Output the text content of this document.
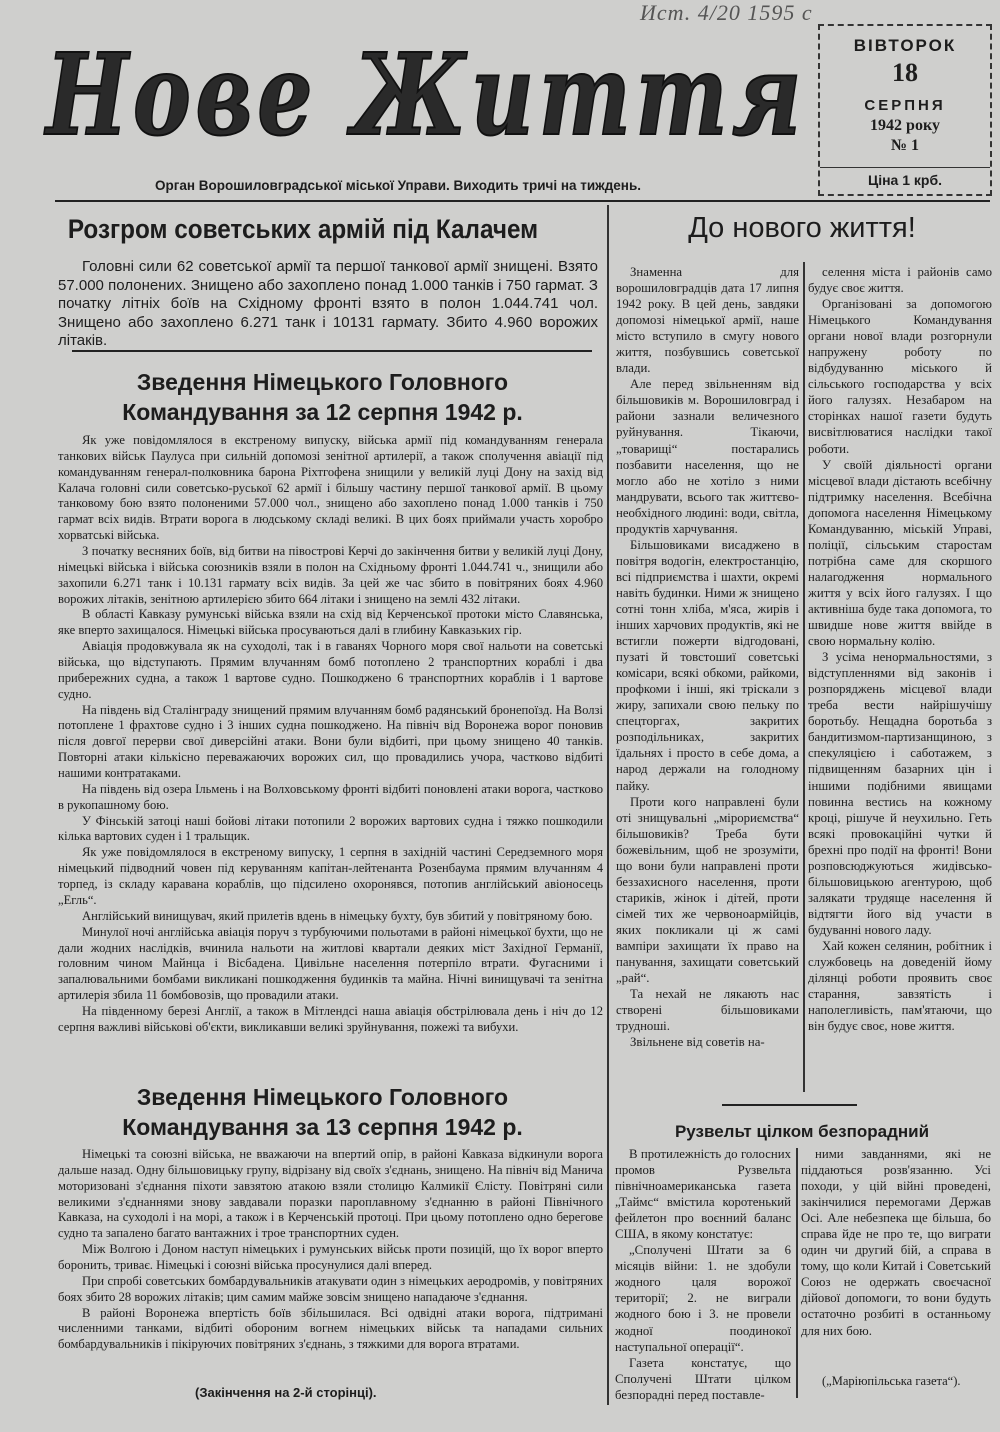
Ист. 4/20 1595 с
Нове Життя	ВІВТОРОК
18
СЕРПНЯ
1942 року
№ 1
Ціна 1 крб.
Орган Ворошиловградської міської Управи. Виходить тричі на тиждень.
Розгром советських армій під Калачем

Головні сили 62 советської армії та першої танкової армії знищені. Взято 57.000 полонених. Знищено або захоплено понад 1.000 танків і 750 гармат. З початку літніх боїв на Східному фронті взято в полон 1.044.741 чол. Знищено або захоплено 6.271 танк і 10131 гармату. Збито 4.960 ворожих літаків.

Зведення Німецького Головного
Командування за 12 серпня 1942 р.

Як уже повідомлялося в екстреному випуску, війська армії під командуванням генерала танкових військ Паулуса при сильній допомозі зенітної артилерії, а також сполучення авіації під командуванням генерал-полковника барона Ріхтгофена знищили у великій луці Дону на захід від Калача головні сили советсько-руської 62 армії і більшу частину першої танкової армії. В цьому танковому бою взято полоненими 57.000 чол., знищено або захоплено понад 1.000 танків і 750 гармат всіх видів. Втрати ворога в людському складі великі. В цих боях приймали участь хоробро хорватські війська.

З початку весняних боїв, від битви на півострові Керчі до закінчення битви у великій луці Дону, німецькі війська і війська союзників взяли в полон на Східньому фронті 1.044.741 ч., знищили або захопили 6.271 танк і 10.131 гармату всіх видів. За цей же час збито в повітряних боях 4.960 ворожих літаків, зенітною артилерією збито 664 літаки і знищено на землі 432 літаки.

В області Кавказу румунські війська взяли на схід від Керченської протоки місто Славянська, яке вперто захищалося. Німецькі війська просуваються далі в глибину Кавказьких гір.

Авіація продовжувала як на суходолі, так і в гаванях Чорного моря свої нальоти на советські війська, що відступають. Прямим влучанням бомб потоплено 2 транспортних кораблі і два прибережних судна, а також 1 вартове судно. Пошкоджено 6 транспортних кораблів і 1 вартове судно.

На південь від Сталінграду знищений прямим влучанням бомб радянський бронепоїзд. На Волзі потоплене 1 фрахтове судно і 3 інших судна пошкоджено. На північ від Воронежа ворог поновив після довгої перерви свої диверсійні атаки. Вони були відбиті, при цьому знищено 40 танків. Повторні атаки кількісно переважаючих ворожих сил, що провадились учора, частково відбиті нашими контратаками.

На південь від озера Ільмень і на Волховському фронті відбиті поновлені атаки ворога, частково в рукопашному бою.

У Фінській затоці наші бойові літаки потопили 2 ворожих вартових судна і тяжко пошкодили кілька вартових суден і 1 тральщик.

Як уже повідомлялося в екстреному випуску, 1 серпня в західній частині Середземного моря німецький підводний човен під керуванням капітан-лейтенанта Розенбаума прямим влучанням 4 торпед, із складу каравана кораблів, що підсилено охоронявся, потопив англійський авіоносець „Егль“.

Англійський винищувач, який прилетів вдень в німецьку бухту, був збитий у повітряному бою.

Минулої ночі англійська авіація поруч з турбуючими польотами в районі німецької бухти, що не дали жодних наслідків, вчинила нальоти на житлові квартали деяких міст Західної Германії, головним чином Майнца і Вісбадена. Цивільне населення потерпіло втрати. Фугасними і запалювальними бомбами викликані пошкодження будинків та майна. Нічні винищувачі та зенітна артилерія збила 11 бомбовозів, що провадили атаки.

На південному березі Англії, а також в Мітлендсі наша авіація обстрілювала день і ніч до 12 серпня важливі військові об'єкти, викликавши великі зруйнування, пожежі та вибухи.

Зведення Німецького Головного
Командування за 13 серпня 1942 р.

Німецькі та союзні війська, не вважаючи на впертий опір, в районі Кавказа відкинули ворога дальше назад. Одну більшовицьку групу, відрізану від своїх з'єднань, знищено. На північ від Манича моторизовані з'єднання піхоти завзятою атакою взяли столицю Калмикії Єлісту. Повітряні сили великими з'єднаннями знову завдавали поразки пароплавному з'єднанню в районі Північного Кавказа, на суходолі і на морі, а також і в Керченській протоці. При цьому потоплено одно берегове судно та запалено багато вантажних і трое транспортних суден.

Між Волгою і Доном наступ німецьких і румунських військ проти позицій, що їх ворог вперто боронить, триває. Німецькі і союзні війська просунулися далі вперед.

При спробі советських бомбардувальників атакувати один з німецьких аеродромів, у повітряних боях збито 28 ворожих літаків; цим самим майже зовсім знищено нападаюче з'єднання.

В районі Воронежа впертість боїв збільшилася. Всі одвідні атаки ворога, підтримані численними танками, відбиті обороним вогнем німецьких військ та нападами сильних бомбардувальників і пікіруючих повітряних з'єднань, з тяжкими для ворога втратами.

(Закінчення на 2-й сторінці).
До нового життя!

Знаменна для ворошиловградців дата 17 липня 1942 року. В цей день, завдяки допомозі німецької армії, наше місто вступило в смугу нового життя, позбувшись советської влади.

Але перед звільненням від більшовиків м. Ворошиловград і райони зазнали величезного руйнування. Тікаючи, „товарищі“ постарались позбавити населення, що не могло або не хотіло з ними мандрувати, всього так життєво-необхідного людині: води, світла, продуктів харчування.

Більшовиками висаджено в повітря водогін, електростанцію, всі підприємства і шахти, окремі навіть будинки. Ними ж знищено сотні тонн хліба, м'яса, жирів і інших харчових продуктів, які не встигли пожерти відгодовані, пузаті й товстошиї советські комісари, всякі обкоми, райкоми, профкоми і інші, які тріскали з жиру, запихали свою пельку по спецторгах, закритих розподільниках, закритих їдальнях і просто в себе дома, а народ держали на голодному пайку.

Проти кого направлені були оті знищувальні „мірориємства“ більшовиків? Треба бути божевільним, щоб не зрозуміти, що вони були направлені проти беззахисного населення, проти стариків, жінок і дітей, проти сімей тих же червоноармійців, яких покликали ці ж самі вампіри захищати їх право на панування, захищати советський „рай“.

Та нехай не лякають нас створені більшовиками трудноші.

Звільнене від советів на-

селення міста і районів само будує своє життя.

Організовані за допомогою Німецького Командування органи нової влади розгорнули напружену роботу по відбудуванню міського й сільського господарства у всіх його галузях. Незабаром на сторінках нашої газети будуть висвітлюватися наслідки такої роботи.

У своїй діяльності органи місцевої влади дістають всебічну підтримку населення. Всебічна допомога населення Німецькому Командуванню, міській Управі, поліції, сільським старостам потрібна саме для скоршого налагодження нормального життя у всіх його галузях. І що активніша буде така допомога, то швидше нове життя ввійде в свою нормальну колію.

З усіма ненормальностями, з відступленнями від законів і розпоряджень місцевої влади треба вести найрішучішу боротьбу. Нещадна боротьба з бандитизмом-партизанщиною, з спекуляцією і саботажем, з підвищенням базарних цін і іншими подібними явищами повинна вестись на кожному кроці, рішуче й неухильно. Геть всякі провокаційні чутки й брехні про події на фронті! Вони розповсюджуються жидівсько-більшовицькою агентурою, щоб залякати трудяще населення й відтягти його від участи в будуванні нового ладу.

Хай кожен селянин, робітник і службовець на доведеній йому ділянці роботи проявить своє старання, завзятість і наполегливість, пам'ятаючи, що він будує своє, нове життя.

Рузвельт цілком безпорадний

В протилежність до голосних промов Рузвельта північноамериканська газета „Таймс“ вмістила коротенький фейлетон про воєнний баланс США, в якому констатує:

„Сполучені Штати за 6 місяців війни: 1. не здобули жодного цаля ворожої території; 2. не виграли жодного бою і 3. не провели жодної поодинокої наступальної операції“.

Газета констатує, що Сполучені Штати цілком безпорадні перед поставле-

ними завданнями, які не піддаються розв'язанню. Усі походи, у цій війні проведені, закінчилися перемогами Держав Осі. Але небезпека ще більша, бо справа йде не про те, що виграти один чи другий бій, а справа в тому, що коли Китай і Советський Союз не одержать своєчасної дійової допомоги, то вони будуть остаточно розбиті в останньому для них бою.

(„Маріюпільська газета“).
